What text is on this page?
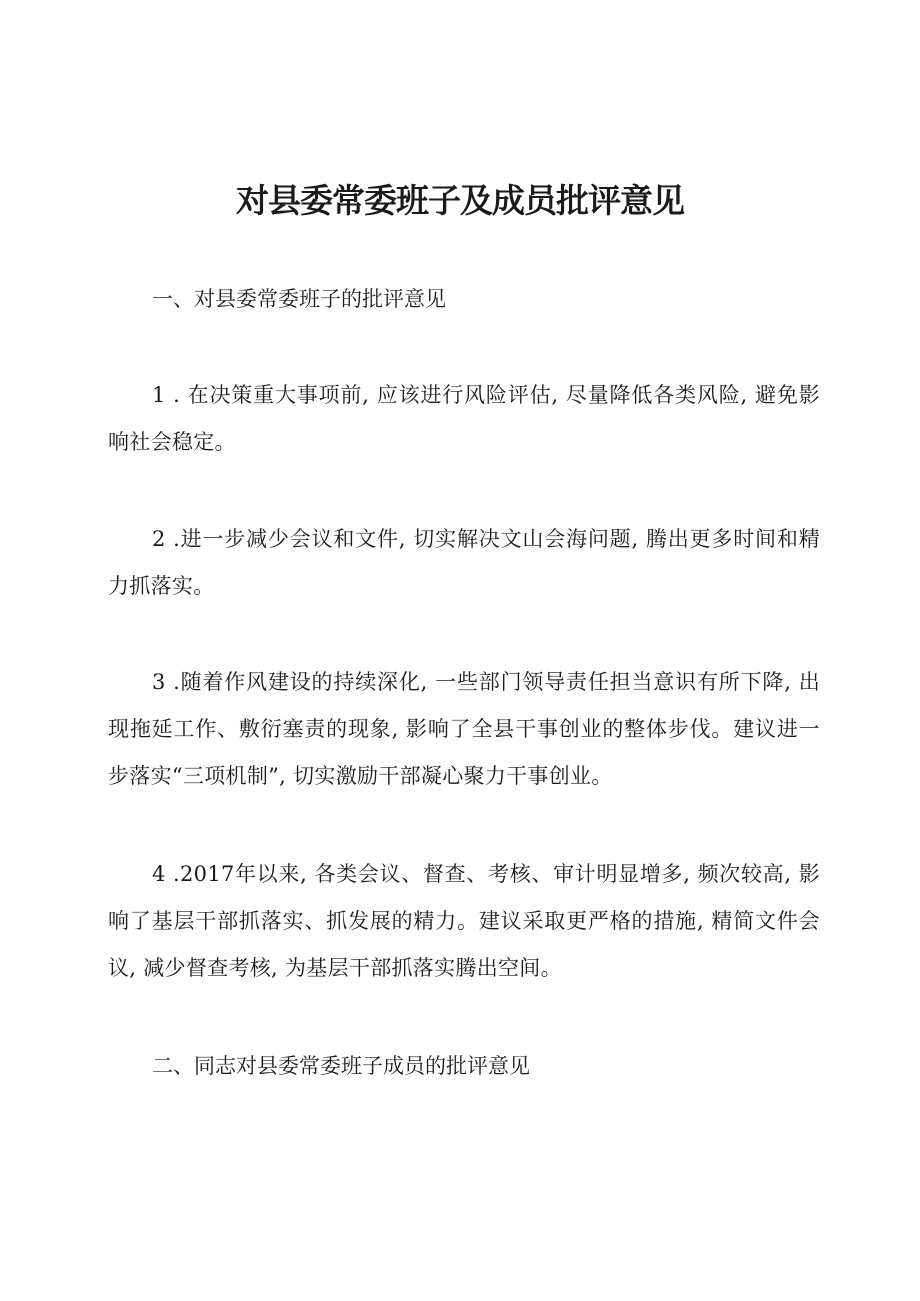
对县委常委班子及成员批评意见

一、对县委常委班子的批评意见

1 . 在决策重大事项前, 应该进行风险评估, 尽量降低各类风险, 避免影响社会稳定。

2 .进一步减少会议和文件, 切实解决文山会海问题, 腾出更多时间和精力抓落实。

3 .随着作风建设的持续深化, 一些部门领导责任担当意识有所下降, 出现拖延工作、敷衍塞责的现象, 影响了全县干事创业的整体步伐。建议进一步落实“三项机制”, 切实激励干部凝心聚力干事创业。

4 .2017年以来, 各类会议、督查、考核、审计明显增多, 频次较高, 影响了基层干部抓落实、抓发展的精力。建议采取更严格的措施, 精简文件会议, 减少督查考核, 为基层干部抓落实腾出空间。

二、同志对县委常委班子成员的批评意见
